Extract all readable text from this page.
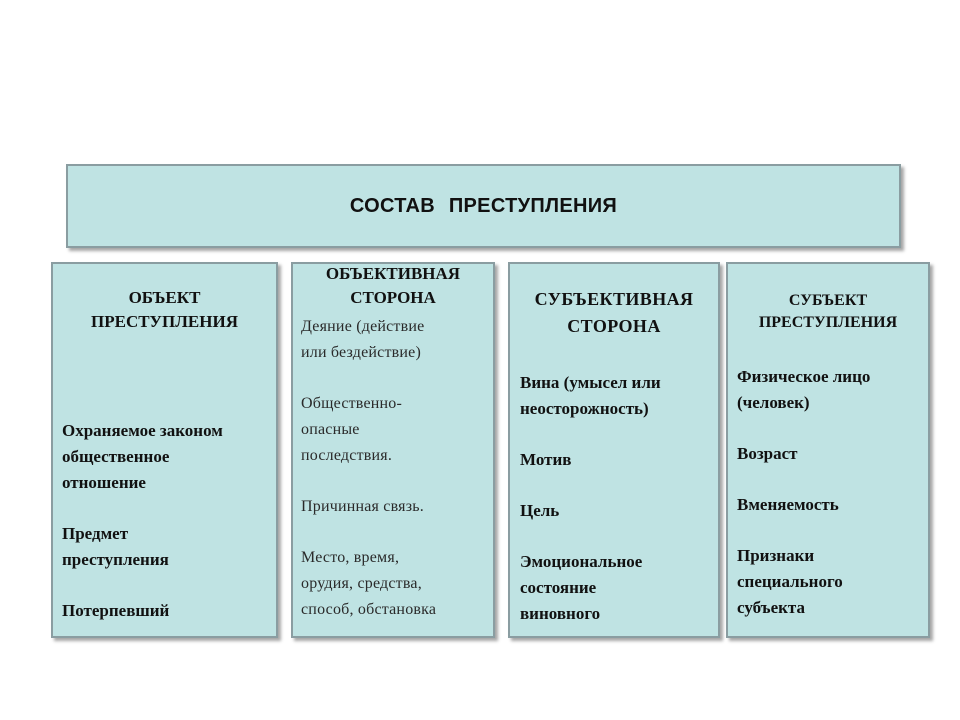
СОСТАВ ПРЕСТУПЛЕНИЯ
ОБЪЕКТ
ПРЕСТУПЛЕНИЯ
Охраняемое законом
общественное
отношение
Предмет
преступления
Потерпевший
ОБЪЕКТИВНАЯ
СТОРОНА
Деяние (действие
или бездействие)
Общественно-
опасные
последствия.
Причинная связь.
Место, время,
орудия, средства,
способ, обстановка
СУБЪЕКТИВНАЯ
СТОРОНА
Вина (умысел или
неосторожность)
Мотив
Цель
Эмоциональное
состояние
виновного
СУБЪЕКТ
ПРЕСТУПЛЕНИЯ
Физическое лицо
(человек)
Возраст
Вменяемость
Признаки
специального
субъекта
